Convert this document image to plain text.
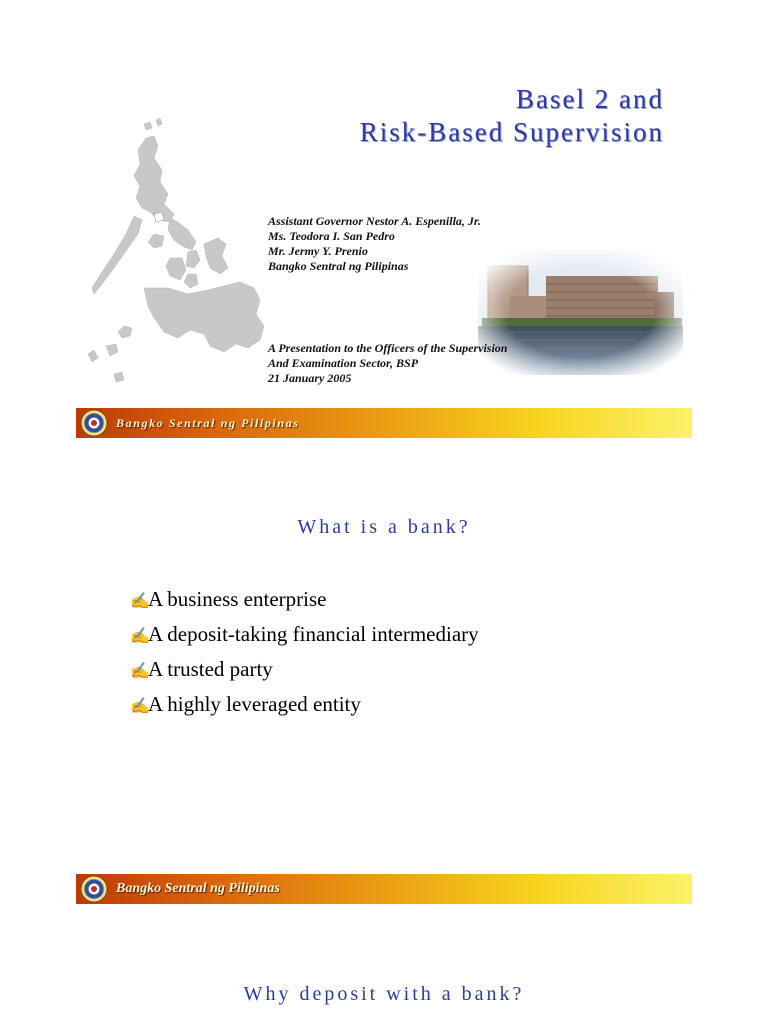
Basel 2 and
Risk-Based Supervision
Assistant Governor Nestor A. Espenilla, Jr.
Ms. Teodora I. San Pedro
Mr. Jermy Y. Prenio
Bangko Sentral ng Pilipinas
A Presentation to the Officers of the Supervision
And Examination Sector, BSP
21 January 2005
Bangko Sentral ng Pilipinas
What is a bank?
✍A business enterprise
✍A deposit-taking financial intermediary
✍A trusted party
✍A highly leveraged entity
Bangko Sentral ng Pilipinas
Why deposit with a bank?
